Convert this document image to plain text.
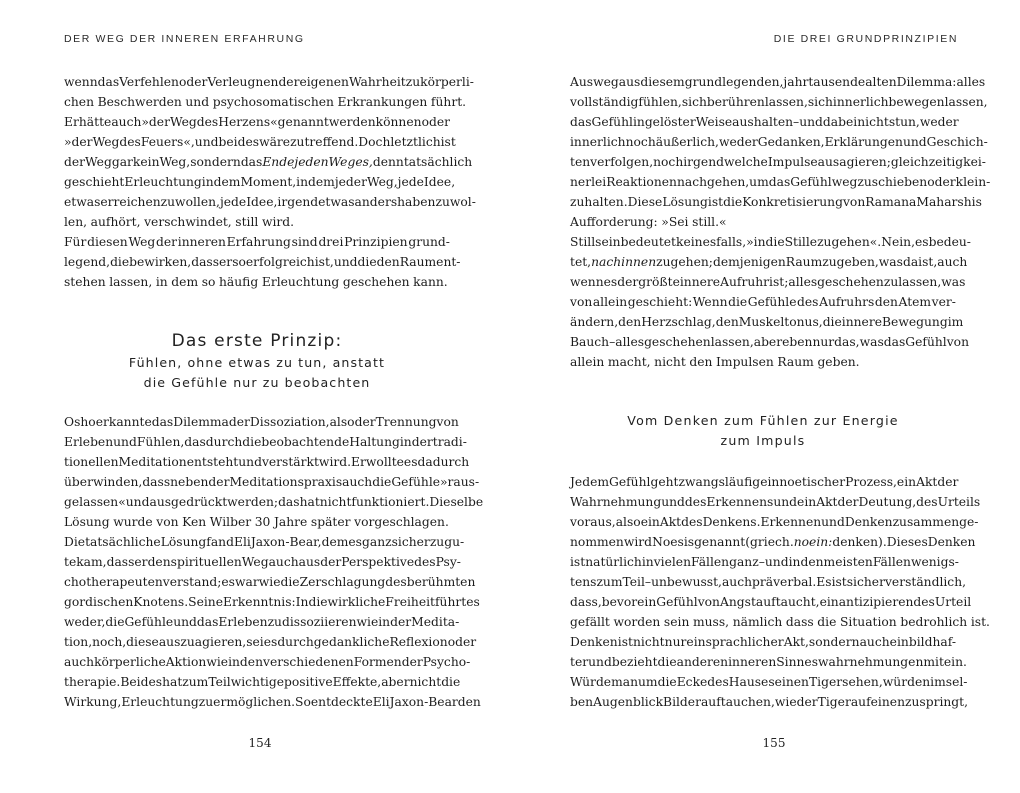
DER WEG DER INNEREN ERFAHRUNG
wenn das Verfehlen oder Verleugnen der eigenen Wahrheit zu körperli-
chen Beschwerden und psychosomatischen Erkrankungen führt.
Er hätte auch »der Weg des Herzens« genannt werden können oder
»der Weg des Feuers«, und beides wäre zutreffend. Doch letztlich ist
der Weg gar kein Weg, sondern das Ende jeden Weges, denn tatsächlich
geschieht Erleuchtung in dem Moment, in dem jeder Weg, jede Idee,
etwas erreichen zu wollen, jede Idee, irgendetwas anders haben zu wol-
len, aufhört, verschwindet, still wird.
Für diesen Weg der inneren Erfahrung sind drei Prinzipien grund-
legend, die bewirken, dass er so erfolgreich ist, und die den Raum ent-
stehen lassen, in dem so häufig Erleuchtung geschehen kann.
Das erste Prinzip:
Fühlen, ohne etwas zu tun, anstatt
die Gefühle nur zu beobachten
Osho erkannte das Dilemma der Dissoziation, also der Trennung von
Erleben und Fühlen, das durch die beobachtende Haltung in der tradi-
tionellen Meditation entsteht und verstärkt wird. Er wollte es dadurch
überwinden, dass neben der Meditationspraxis auch die Gefühle »raus-
gelassen« und ausgedrückt werden; das hat nicht funktioniert. Dieselbe
Lösung wurde von Ken Wilber 30 Jahre später vorgeschlagen.
Die tatsächliche Lösung fand Eli Jaxon-Bear, dem es ganz sicher zugu-
tekam, dass er den spirituellen Weg auch aus der Perspektive des Psy-
chotherapeuten verstand; es war wie die Zerschlagung des berühmten
gordischen Knotens. Seine Erkenntnis: In die wirkliche Freiheit führt es
weder, die Gefühle und das Erleben zu dissoziieren wie in der Medita-
tion, noch, diese auszuagieren, sei es durch gedankliche Reflexion oder
auch körperliche Aktion wie in den verschiedenen Formen der Psycho-
therapie. Beides hat zum Teil wichtige positive Effekte, aber nicht die
Wirkung, Erleuchtung zu ermöglichen. So entdeckte Eli Jaxon-Bear den
154
DIE DREI GRUNDPRINZIPIEN
Ausweg aus diesem grundlegenden, jahrtausendealten Dilemma: alles
vollständig fühlen, sich berühren lassen, sich innerlich bewegen lassen,
das Gefühl in gelöster Weise aushalten – und dabei nichts tun, weder
innerlich noch äußerlich, weder Gedanken, Erklärungen und Geschich-
ten verfolgen, noch irgendwelche Impulse ausagieren; gleichzeitig kei-
nerlei Reaktionen nachgehen, um das Gefühl wegzuschieben oder klein-
zuhalten. Diese Lösung ist die Konkretisierung von Ramana Maharshis
Aufforderung: »Sei still.«
Stillsein bedeutet keinesfalls, »in die Stille zu gehen«. Nein, es bedeu-
tet, nach innen zu gehen; demjenigen Raum zu geben, was da ist, auch
wenn es der größte innere Aufruhr ist; alles geschehen zu lassen, was
von allein geschieht: Wenn die Gefühle des Aufruhrs den Atem ver-
ändern, den Herzschlag, den Muskeltonus, die innere Bewegung im
Bauch – alles geschehen lassen, aber eben nur das, was das Gefühl von
allein macht, nicht den Impulsen Raum geben.
Vom Denken zum Fühlen zur Energie
zum Impuls
Jedem Gefühl geht zwangsläufig ein noetischer Prozess, ein Akt der
Wahrnehmung und des Erkennens und ein Akt der Deutung, des Urteils
voraus, also ein Akt des Denkens. Erkennen und Denken zusammenge-
nommen wird Noesis genannt (griech. noein: denken). Dieses Denken
ist natürlich in vielen Fällen ganz – und in den meisten Fällen wenigs-
tens zum Teil – unbewusst, auch präverbal. Es ist sicher verständlich,
dass, bevor ein Gefühl von Angst auftaucht, ein antizipierendes Urteil
gefällt worden sein muss, nämlich dass die Situation bedrohlich ist.
Denken ist nicht nur ein sprachlicher Akt, sondern auch ein bildhaf-
ter und bezieht die anderen inneren Sinneswahrnehmungen mit ein.
Würde man um die Ecke des Hauses einen Tiger sehen, würden im sel-
ben Augenblick Bilder auftauchen, wie der Tiger auf einen zuspringt,
155
